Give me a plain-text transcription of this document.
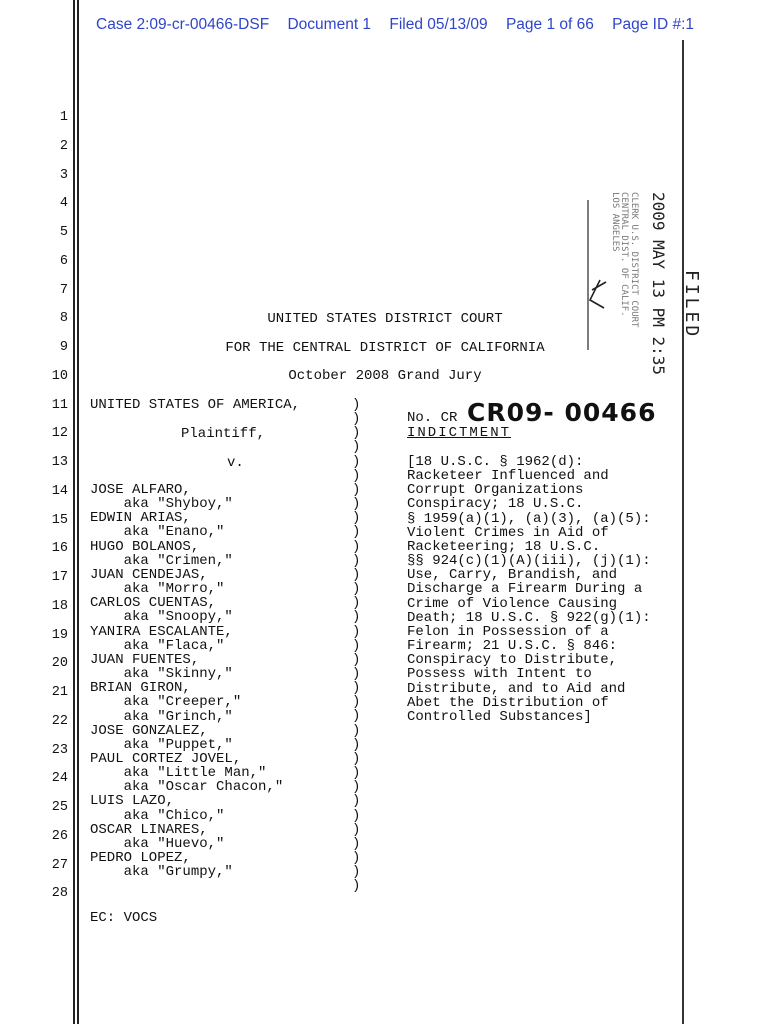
Case 2:09-cr-00466-DSF Document 1 Filed 05/13/09 Page 1 of 66 Page ID #:1
1
2
3
4
5
6
7
8
9
10
11
12
13
14
15
16
17
18
19
20
21
22
23
24
25
26
27
28
UNITED STATES DISTRICT COURT
FOR THE CENTRAL DISTRICT OF CALIFORNIA
October 2008 Grand Jury
UNITED STATES OF AMERICA,
Plaintiff,
v.
JOSE ALFARO,
aka "Shyboy,"
EDWIN ARIAS,
aka "Enano,"
HUGO BOLANOS,
aka "Crimen,"
JUAN CENDEJAS,
aka "Morro,"
CARLOS CUENTAS,
aka "Snoopy,"
YANIRA ESCALANTE,
aka "Flaca,"
JUAN FUENTES,
aka "Skinny,"
BRIAN GIRON,
aka "Creeper,"
aka "Grinch,"
JOSE GONZALEZ,
aka "Puppet,"
PAUL CORTEZ JOVEL,
aka "Little Man,"
aka "Oscar Chacon,"
LUIS LAZO,
aka "Chico,"
OSCAR LINARES,
aka "Huevo,"
PEDRO LOPEZ,
aka "Grumpy,"
)
)
)
)
)
)
)
)
)
)
)
)
)
)
)
)
)
)
)
)
)
)
)
)
)
)
)
)
)
)
)
)
)
)
)
No. CR CR09- 00466
INDICTMENT
[18 U.S.C. § 1962(d):
Racketeer Influenced and
Corrupt Organizations
Conspiracy; 18 U.S.C.
§ 1959(a)(1), (a)(3), (a)(5):
Violent Crimes in Aid of
Racketeering; 18 U.S.C.
§§ 924(c)(1)(A)(iii), (j)(1):
Use, Carry, Brandish, and
Discharge a Firearm During a
Crime of Violence Causing
Death; 18 U.S.C. § 922(g)(1):
Felon in Possession of a
Firearm; 21 U.S.C. § 846:
Conspiracy to Distribute,
Possess with Intent to
Distribute, and to Aid and
Abet the Distribution of
Controlled Substances]
EC: VOCS
2009 MAY 13 PM 2:35
CLERK U.S. DISTRICT COURT
CENTRAL DIST. OF CALIF.
LOS ANGELES
FILED
